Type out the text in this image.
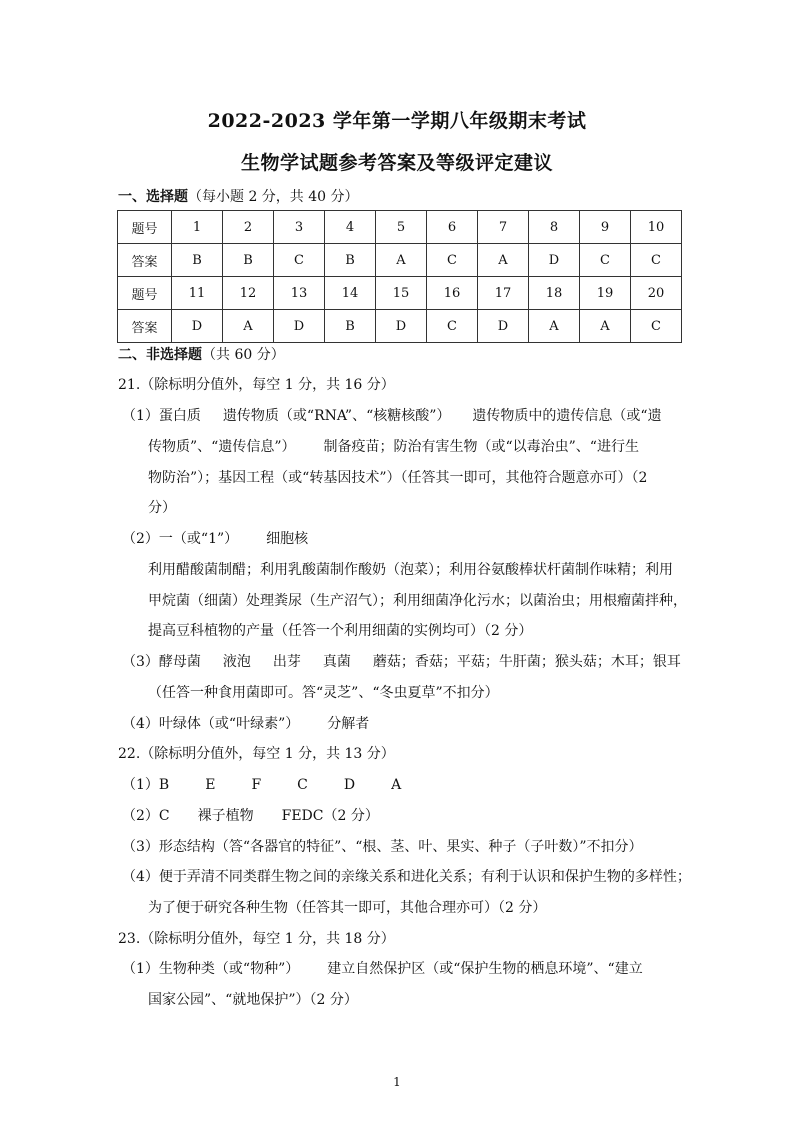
2022-2023 学年第一学期八年级期末考试
生物学试题参考答案及等级评定建议
一、选择题（每小题 2 分，共 40 分）
题号	1	2	3	4	5	6	7	8	9	10
答案	B	B	C	B	A	C	A	D	C	C
题号	11	12	13	14	15	16	17	18	19	20
答案	D	A	D	B	D	C	D	A	A	C
二、非选择题（共 60 分）
21.（除标明分值外，每空 1 分，共 16 分）
（1）蛋白质 遗传物质（或“RNA”、“核糖核酸”） 遗传物质中的遗传信息（或“遗
传物质”、“遗传信息”） 制备疫苗；防治有害生物（或“以毒治虫”、“进行生
物防治”）；基因工程（或“转基因技术”）（任答其一即可，其他符合题意亦可）（2
分）
（2）一（或“1”） 细胞核
利用醋酸菌制醋；利用乳酸菌制作酸奶（泡菜）；利用谷氨酸棒状杆菌制作味精；利用
甲烷菌（细菌）处理粪尿（生产沼气）；利用细菌净化污水；以菌治虫；用根瘤菌拌种，
提高豆科植物的产量（任答一个利用细菌的实例均可）（2 分）
（3）酵母菌 液泡 出芽 真菌 蘑菇；香菇；平菇；牛肝菌；猴头菇；木耳；银耳
（任答一种食用菌即可。答“灵芝”、“冬虫夏草”不扣分）
（4）叶绿体（或“叶绿素”） 分解者
22.（除标明分值外，每空 1 分，共 13 分）
（1）B	E	F	C	D	A
（2）C 裸子植物 FEDC（2 分）
（3）形态结构（答“各器官的特征”、“根、茎、叶、果实、种子（子叶数）”不扣分）
（4）便于弄清不同类群生物之间的亲缘关系和进化关系；有利于认识和保护生物的多样性；
为了便于研究各种生物（任答其一即可，其他合理亦可）（2 分）
23.（除标明分值外，每空 1 分，共 18 分）
（1）生物种类（或“物种”） 建立自然保护区（或“保护生物的栖息环境”、“建立
国家公园”、“就地保护”）（2 分）
1
